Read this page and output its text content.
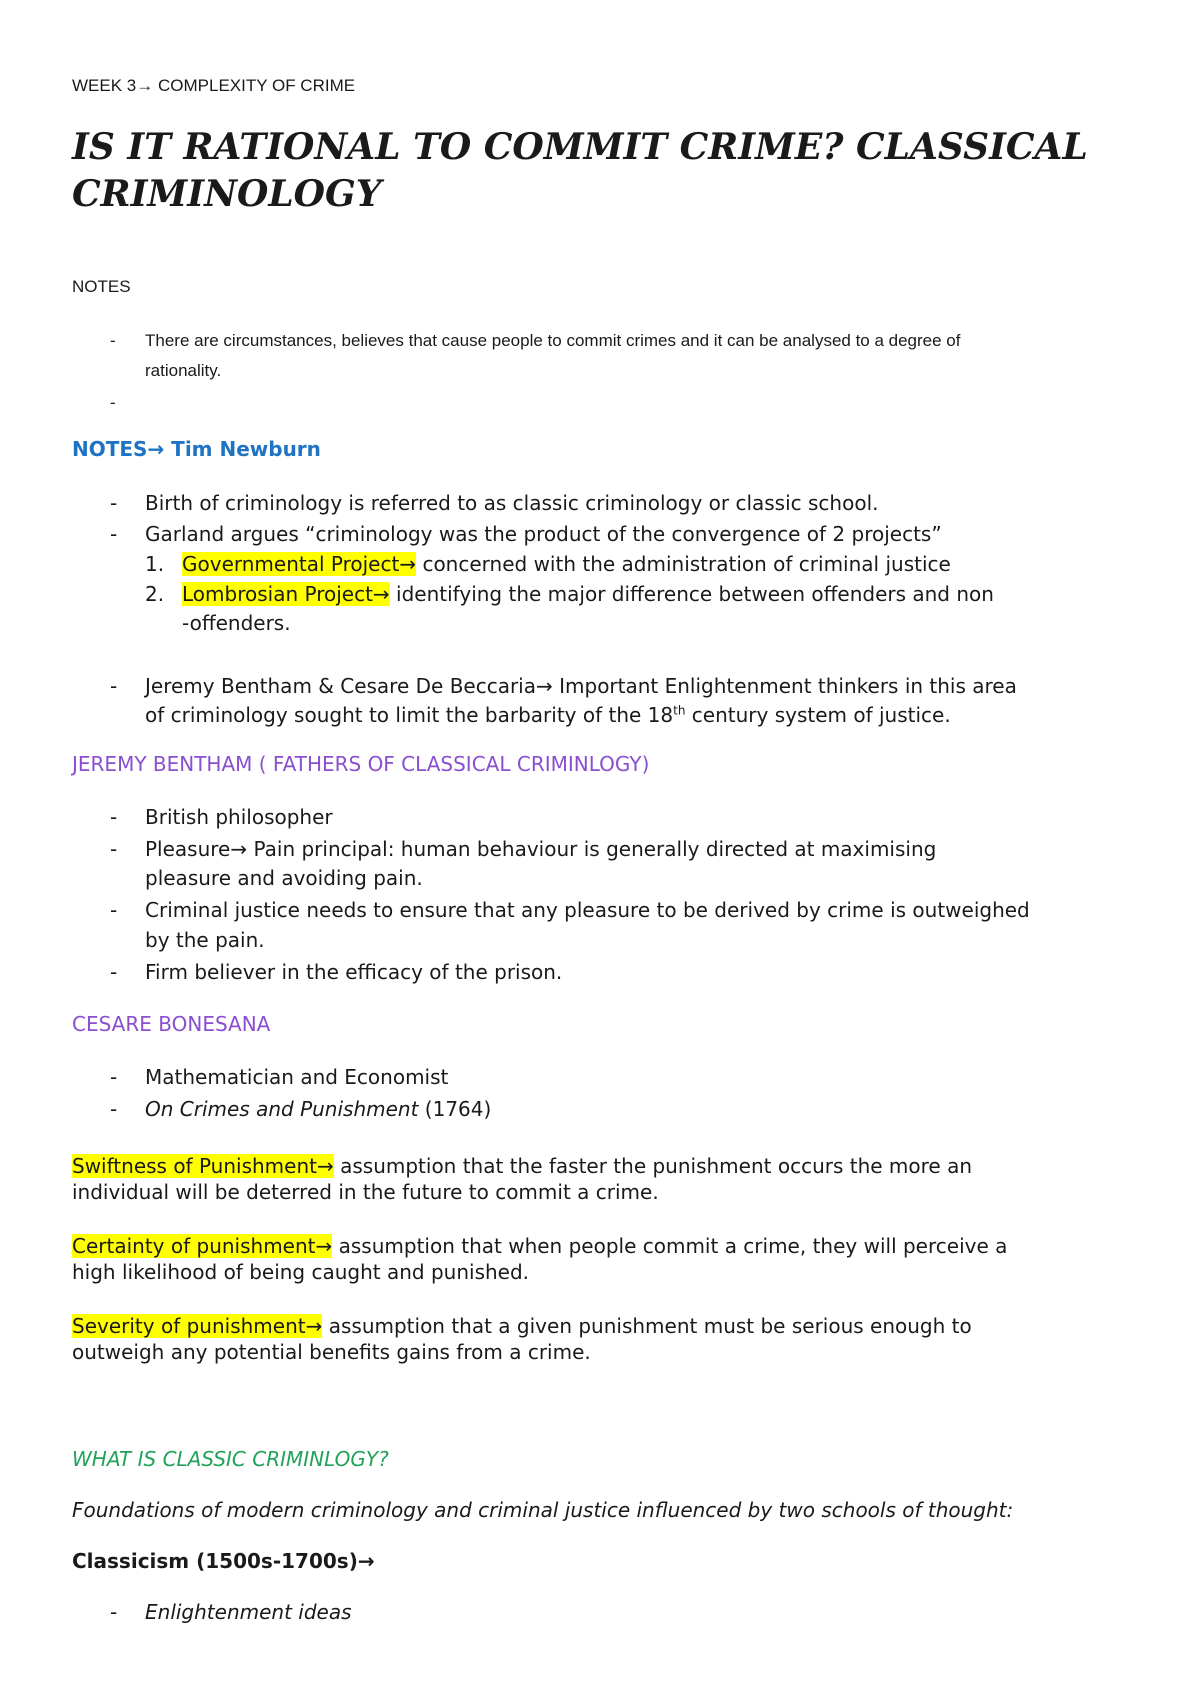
WEEK 3→ COMPLEXITY OF CRIME
IS IT RATIONAL TO COMMIT CRIME? CLASSICAL
CRIMINOLOGY
NOTES
- There are circumstances, believes that cause people to commit crimes and it can be analysed to a degree of
rationality.
-
NOTES→ Tim Newburn
- Birth of criminology is referred to as classic criminology or classic school.
- Garland argues “criminology was the product of the convergence of 2 projects”
1. Governmental Project→ concerned with the administration of criminal justice
2. Lombrosian Project→ identifying the major difference between offenders and non
-offenders.
- Jeremy Bentham & Cesare De Beccaria→ Important Enlightenment thinkers in this area
of criminology sought to limit the barbarity of the 18th century system of justice.
JEREMY BENTHAM ( FATHERS OF CLASSICAL CRIMINLOGY)
- British philosopher
- Pleasure→ Pain principal: human behaviour is generally directed at maximising
pleasure and avoiding pain.
- Criminal justice needs to ensure that any pleasure to be derived by crime is outweighed
by the pain.
- Firm believer in the efficacy of the prison.
CESARE BONESANA
- Mathematician and Economist
- On Crimes and Punishment (1764)
Swiftness of Punishment→ assumption that the faster the punishment occurs the more an
individual will be deterred in the future to commit a crime.
Certainty of punishment→ assumption that when people commit a crime, they will perceive a
high likelihood of being caught and punished.
Severity of punishment→ assumption that a given punishment must be serious enough to
outweigh any potential benefits gains from a crime.
WHAT IS CLASSIC CRIMINLOGY?
Foundations of modern criminology and criminal justice influenced by two schools of thought:
Classicism (1500s-1700s)→
- Enlightenment ideas
